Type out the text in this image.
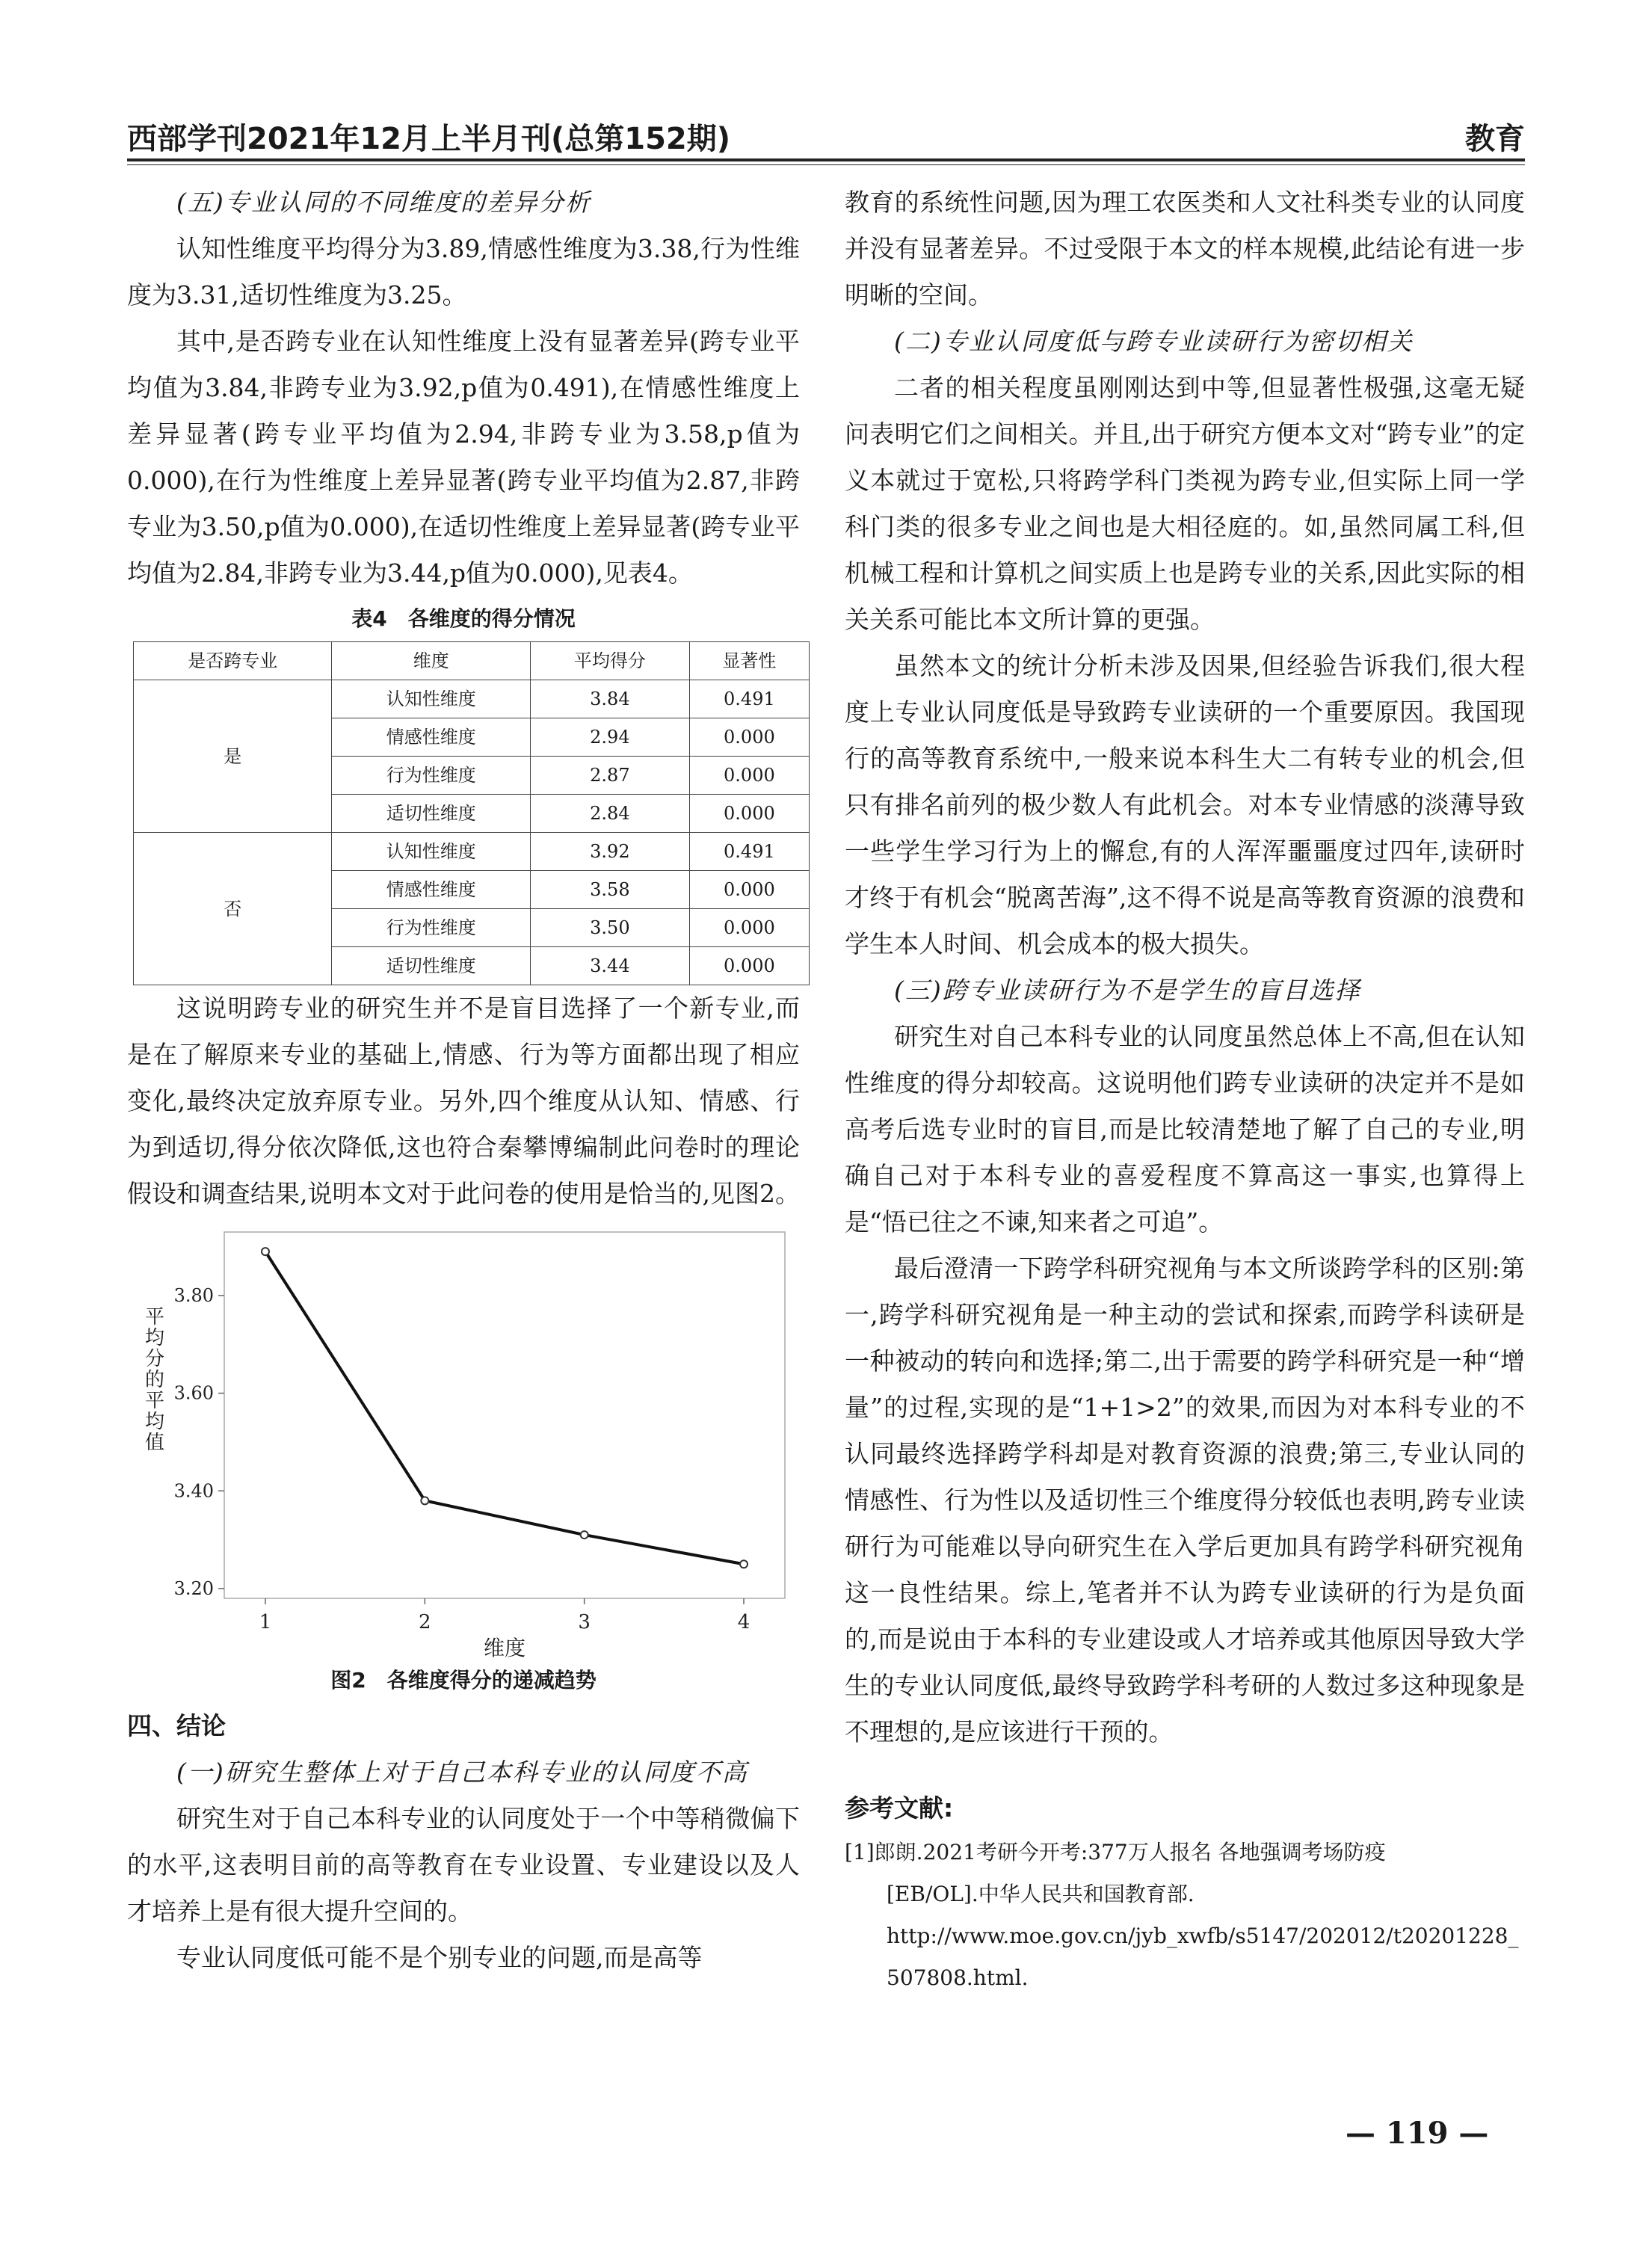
西部学刊2021年12月上半月刊(总第152期)	教育

(五)专业认同的不同维度的差异分析

认知性维度平均得分为3.89,情感性维度为3.38,行为性维度为3.31,适切性维度为3.25。

其中,是否跨专业在认知性维度上没有显著差异(跨专业平均值为3.84,非跨专业为3.92,p值为0.491),在情感性维度上差异显著(跨专业平均值为2.94,非跨专业为3.58,p值为0.000),在行为性维度上差异显著(跨专业平均值为2.87,非跨专业为3.50,p值为0.000),在适切性维度上差异显著(跨专业平均值为2.84,非跨专业为3.44,p值为0.000),见表4。

表4　各维度的得分情况
是否跨专业	维度	平均得分	显著性
是	认知性维度	3.84	0.491
	情感性维度	2.94	0.000
	行为性维度	2.87	0.000
	适切性维度	2.84	0.000
否	认知性维度	3.92	0.491
	情感性维度	3.58	0.000
	行为性维度	3.50	0.000
	适切性维度	3.44	0.000

这说明跨专业的研究生并不是盲目选择了一个新专业,而是在了解原来专业的基础上,情感、行为等方面都出现了相应变化,最终决定放弃原专业。另外,四个维度从认知、情感、行为到适切,得分依次降低,这也符合秦攀博编制此问卷时的理论假设和调查结果,说明本文对于此问卷的使用是恰当的,见图2。

平均分的平均值
3.20
3.40
3.60
3.80
1	2	3	4
维度
图2　各维度得分的递减趋势

四、结论

(一)研究生整体上对于自己本科专业的认同度不高

研究生对于自己本科专业的认同度处于一个中等稍微偏下的水平,这表明目前的高等教育在专业设置、专业建设以及人才培养上是有很大提升空间的。

专业认同度低可能不是个别专业的问题,而是高等

教育的系统性问题,因为理工农医类和人文社科类专业的认同度并没有显著差异。不过受限于本文的样本规模,此结论有进一步明晰的空间。

(二)专业认同度低与跨专业读研行为密切相关

二者的相关程度虽刚刚达到中等,但显著性极强,这毫无疑问表明它们之间相关。并且,出于研究方便本文对“跨专业”的定义本就过于宽松,只将跨学科门类视为跨专业,但实际上同一学科门类的很多专业之间也是大相径庭的。如,虽然同属工科,但机械工程和计算机之间实质上也是跨专业的关系,因此实际的相关关系可能比本文所计算的更强。

虽然本文的统计分析未涉及因果,但经验告诉我们,很大程度上专业认同度低是导致跨专业读研的一个重要原因。我国现行的高等教育系统中,一般来说本科生大二有转专业的机会,但只有排名前列的极少数人有此机会。对本专业情感的淡薄导致一些学生学习行为上的懈怠,有的人浑浑噩噩度过四年,读研时才终于有机会“脱离苦海”,这不得不说是高等教育资源的浪费和学生本人时间、机会成本的极大损失。

(三)跨专业读研行为不是学生的盲目选择

研究生对自己本科专业的认同度虽然总体上不高,但在认知性维度的得分却较高。这说明他们跨专业读研的决定并不是如高考后选专业时的盲目,而是比较清楚地了解了自己的专业,明确自己对于本科专业的喜爱程度不算高这一事实,也算得上是“悟已往之不谏,知来者之可追”。

最后澄清一下跨学科研究视角与本文所谈跨学科的区别:第一,跨学科研究视角是一种主动的尝试和探索,而跨学科读研是一种被动的转向和选择;第二,出于需要的跨学科研究是一种“增量”的过程,实现的是“1+1>2”的效果,而因为对本科专业的不认同最终选择跨学科却是对教育资源的浪费;第三,专业认同的情感性、行为性以及适切性三个维度得分较低也表明,跨专业读研行为可能难以导向研究生在入学后更加具有跨学科研究视角这一良性结果。综上,笔者并不认为跨专业读研的行为是负面的,而是说由于本科的专业建设或人才培养或其他原因导致大学生的专业认同度低,最终导致跨学科考研的人数过多这种现象是不理想的,是应该进行干预的。

参考文献:
[1]郎朗.2021考研今开考:377万人报名 各地强调考场防疫
[EB/OL].中华人民共和国教育部.
http://www.moe.gov.cn/jyb_xwfb/s5147/202012/t20201228_
507808.html.
— 119 —
